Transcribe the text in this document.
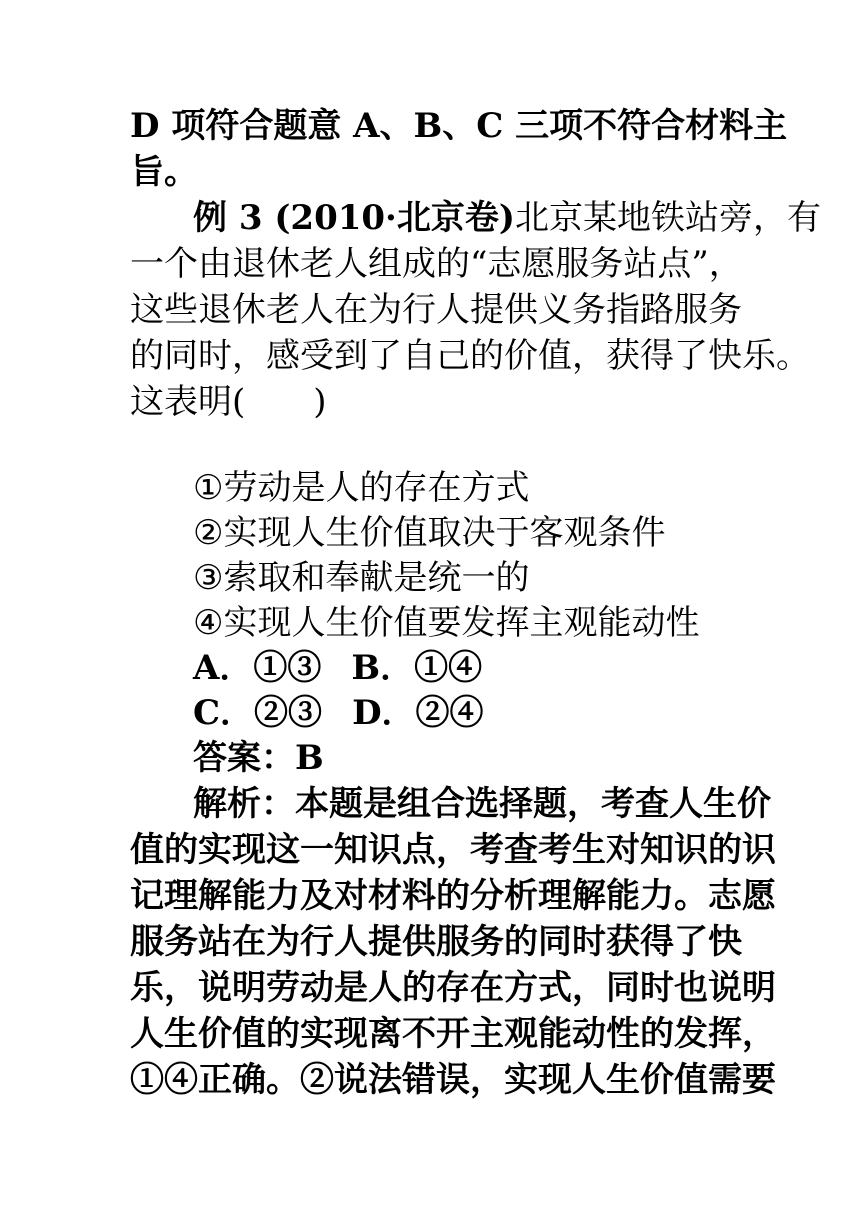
D 项符合题意 A、B、C 三项不符合材料主
旨。
例 3 (2010·北京卷)北京某地铁站旁，有
一个由退休老人组成的“志愿服务站点”，
这些退休老人在为行人提供义务指路服务
的同时，感受到了自己的价值，获得了快乐。
这表明(　　)
①劳动是人的存在方式
②实现人生价值取决于客观条件
③索取和奉献是统一的
④实现人生价值要发挥主观能动性
A．①③ B．①④
C．②③ D．②④
答案：B
解析：本题是组合选择题，考查人生价
值的实现这一知识点，考查考生对知识的识
记理解能力及对材料的分析理解能力。志愿
服务站在为行人提供服务的同时获得了快
乐，说明劳动是人的存在方式，同时也说明
人生价值的实现离不开主观能动性的发挥，
①④正确。②说法错误，实现人生价值需要
